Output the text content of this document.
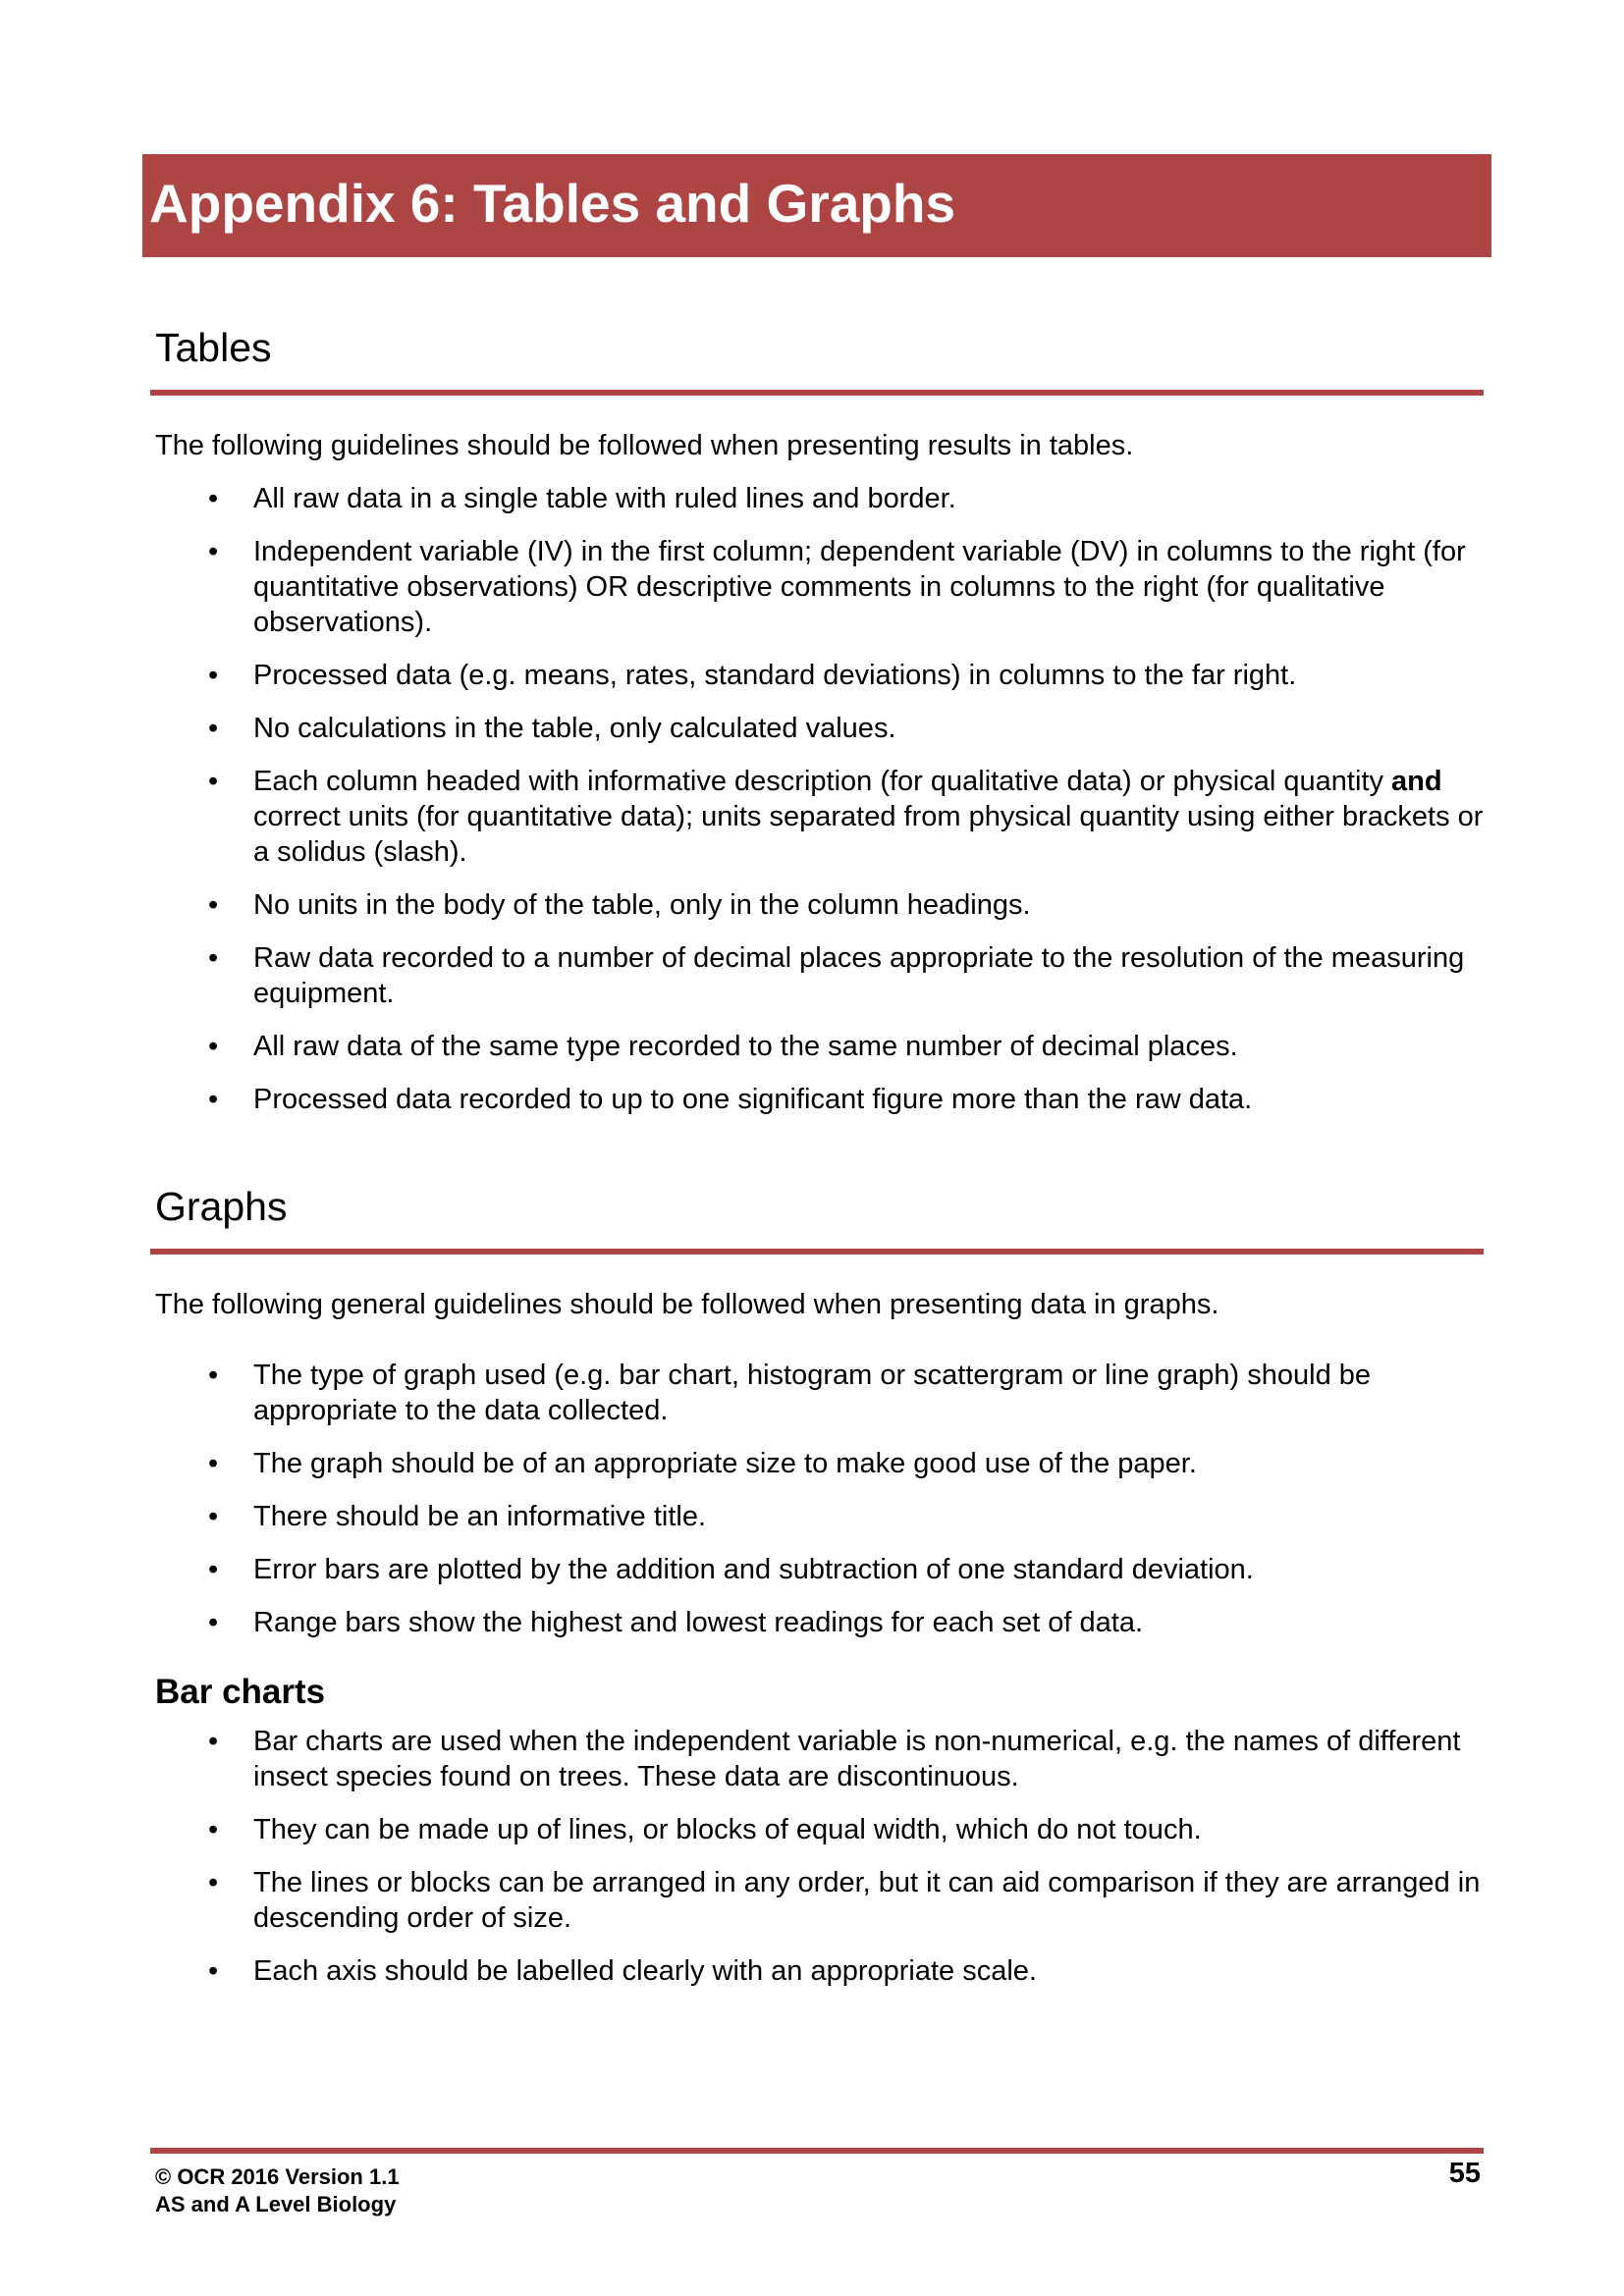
Appendix 6: Tables and Graphs
Tables

The following guidelines should be followed when presenting results in tables.

• All raw data in a single table with ruled lines and border.
• Independent variable (IV) in the first column; dependent variable (DV) in columns to the right (for quantitative observations) OR descriptive comments in columns to the right (for qualitative observations).
• Processed data (e.g. means, rates, standard deviations) in columns to the far right.
• No calculations in the table, only calculated values.
• Each column headed with informative description (for qualitative data) or physical quantity and correct units (for quantitative data); units separated from physical quantity using either brackets or a solidus (slash).
• No units in the body of the table, only in the column headings.
• Raw data recorded to a number of decimal places appropriate to the resolution of the measuring equipment.
• All raw data of the same type recorded to the same number of decimal places.
• Processed data recorded to up to one significant figure more than the raw data.
Graphs

The following general guidelines should be followed when presenting data in graphs.

• The type of graph used (e.g. bar chart, histogram or scattergram or line graph) should be appropriate to the data collected.
• The graph should be of an appropriate size to make good use of the paper.
• There should be an informative title.
• Error bars are plotted by the addition and subtraction of one standard deviation.
• Range bars show the highest and lowest readings for each set of data.
Bar charts
• Bar charts are used when the independent variable is non-numerical, e.g. the names of different insect species found on trees. These data are discontinuous.
• They can be made up of lines, or blocks of equal width, which do not touch.
• The lines or blocks can be arranged in any order, but it can aid comparison if they are arranged in descending order of size.
• Each axis should be labelled clearly with an appropriate scale.
© OCR 2016 Version 1.1
AS and A Level Biology
55
